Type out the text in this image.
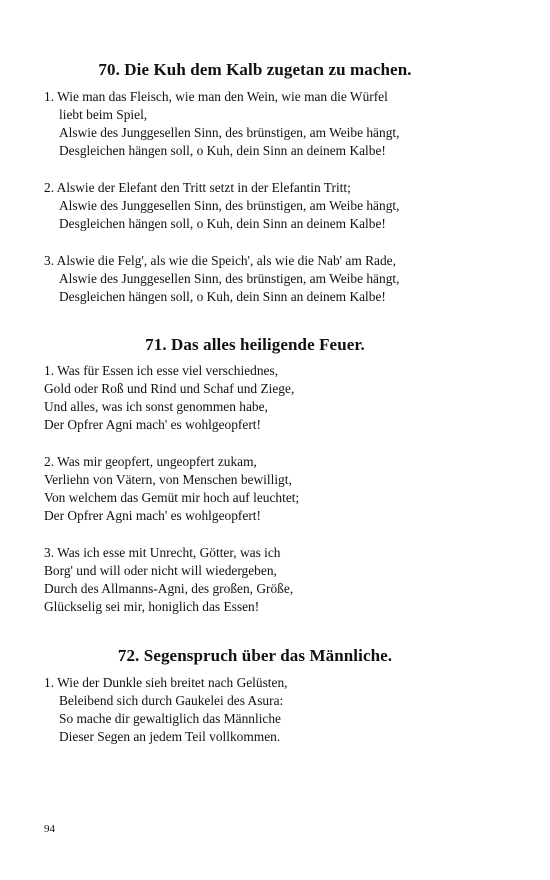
70. Die Kuh dem Kalb zugetan zu machen.
1. Wie man das Fleisch, wie man den Wein, wie man die Würfel
liebt beim Spiel,
Alswie des Junggesellen Sinn, des brünstigen, am Weibe hängt,
Desgleichen hängen soll, o Kuh, dein Sinn an deinem Kalbe!
2. Alswie der Elefant den Tritt setzt in der Elefantin Tritt;
Alswie des Junggesellen Sinn, des brünstigen, am Weibe hängt,
Desgleichen hängen soll, o Kuh, dein Sinn an deinem Kalbe!
3. Alswie die Felg', als wie die Speich', als wie die Nab' am Rade,
Alswie des Junggesellen Sinn, des brünstigen, am Weibe hängt,
Desgleichen hängen soll, o Kuh, dein Sinn an deinem Kalbe!
71. Das alles heiligende Feuer.
1. Was für Essen ich esse viel verschiednes,
Gold oder Roß und Rind und Schaf und Ziege,
Und alles, was ich sonst genommen habe,
Der Opfrer Agni mach' es wohlgeopfert!
2. Was mir geopfert, ungeopfert zukam,
Verliehn von Vätern, von Menschen bewilligt,
Von welchem das Gemüt mir hoch auf leuchtet;
Der Opfrer Agni mach' es wohlgeopfert!
3. Was ich esse mit Unrecht, Götter, was ich
Borg' und will oder nicht will wiedergeben,
Durch des Allmanns-Agni, des großen, Größe,
Glückselig sei mir, honiglich das Essen!
72. Segenspruch über das Männliche.
1. Wie der Dunkle sieh breitet nach Gelüsten,
Beleibend sich durch Gaukelei des Asura:
So mache dir gewaltiglich das Männliche
Dieser Segen an jedem Teil vollkommen.
94
